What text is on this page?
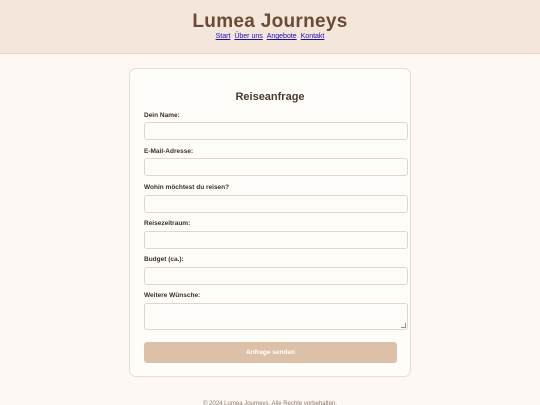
Lumea Journeys
Start Über uns Angebote Kontakt
Reiseanfrage
Dein Name:
E-Mail-Adresse:
Wohin möchtest du reisen?
Reisezeitraum:
Budget (ca.):
Weitere Wünsche:
Anfrage senden
© 2024 Lumea Journeys. Alle Rechte vorbehalten.
